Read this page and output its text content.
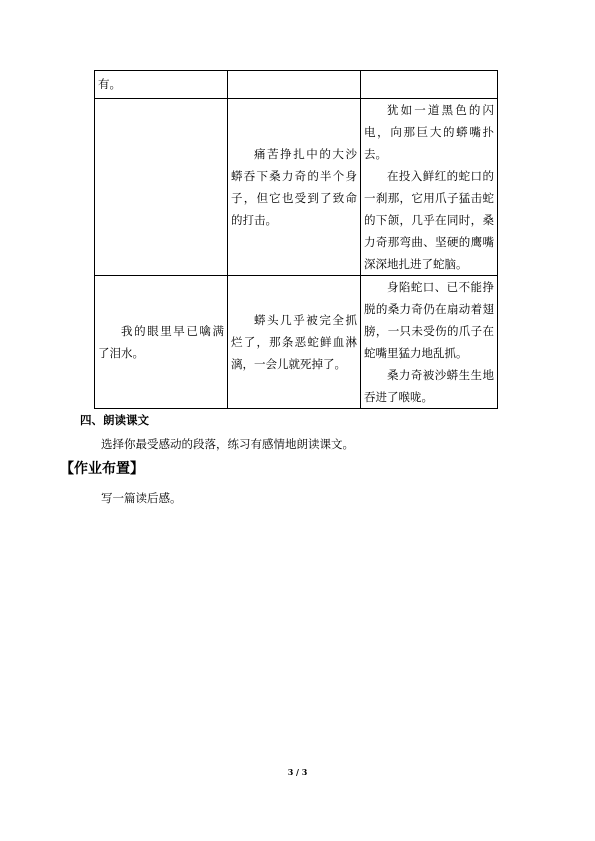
有。		

	痛苦挣扎中的大沙蟒吞下桑力奇的半个身子，但它也受到了致命的打击。	犹如一道黑色的闪电，向那巨大的蟒嘴扑去。

在投入鲜红的蛇口的一刹那，它用爪子猛击蛇的下颌，几乎在同时，桑力奇那弯曲、坚硬的鹰嘴深深地扎进了蛇脑。

我的眼里早已噙满了泪水。	蟒头几乎被完全抓烂了，那条恶蛇鲜血淋漓，一会儿就死掉了。	身陷蛇口、已不能挣脱的桑力奇仍在扇动着翅膀，一只未受伤的爪子在蛇嘴里猛力地乱抓。

桑力奇被沙蟒生生地吞进了喉咙。

四、朗读课文
选择你最受感动的段落，练习有感情地朗读课文。
【作业布置】
写一篇读后感。
3 / 3
